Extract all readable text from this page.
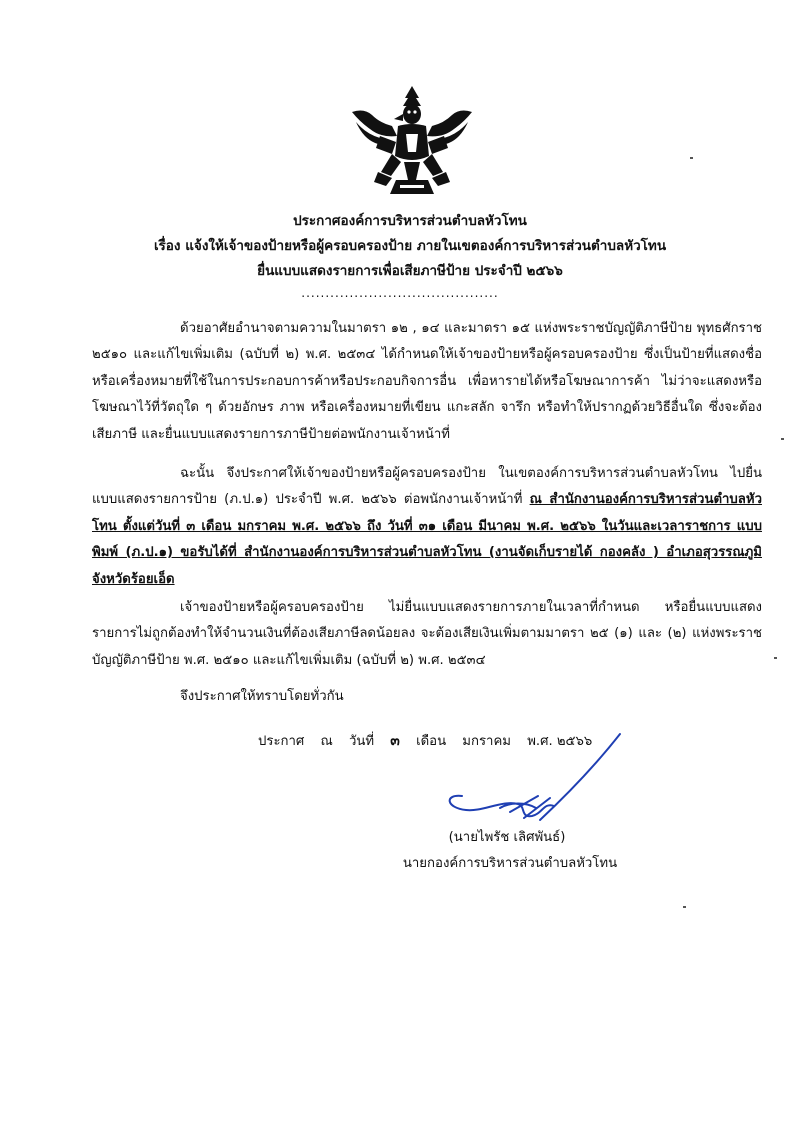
ประกาศองค์การบริหารส่วนตำบลหัวโทน
เรื่อง แจ้งให้เจ้าของป้ายหรือผู้ครอบครองป้าย ภายในเขตองค์การบริหารส่วนตำบลหัวโทน
ยื่นแบบแสดงรายการเพื่อเสียภาษีป้าย ประจำปี ๒๕๖๖
.........................................
ด้วยอาศัยอำนาจตามความในมาตรา ๑๒ , ๑๔ และมาตรา ๑๕ แห่งพระราชบัญญัติภาษีป้าย พุทธศักราช ๒๕๑๐ และแก้ไขเพิ่มเติม (ฉบับที่ ๒) พ.ศ. ๒๕๓๔ ได้กำหนดให้เจ้าของป้ายหรือผู้ครอบครองป้าย ซึ่งเป็นป้ายที่แสดงชื่อหรือเครื่องหมายที่ใช้ในการประกอบการค้าหรือประกอบกิจการอื่น เพื่อหารายได้หรือโฆษณาการค้า ไม่ว่าจะแสดงหรือโฆษณาไว้ที่วัตถุใด ๆ ด้วยอักษร ภาพ หรือเครื่องหมายที่เขียน แกะสลัก จารึก หรือทำให้ปรากฏด้วยวิธีอื่นใด ซึ่งจะต้องเสียภาษี และยื่นแบบแสดงรายการภาษีป้ายต่อพนักงานเจ้าหน้าที่
ฉะนั้น จึงประกาศให้เจ้าของป้ายหรือผู้ครอบครองป้าย ในเขตองค์การบริหารส่วนตำบลหัวโทน ไปยื่นแบบแสดงรายการป้าย (ภ.ป.๑) ประจำปี พ.ศ. ๒๕๖๖ ต่อพนักงานเจ้าหน้าที่ ณ สำนักงานองค์การบริหารส่วนตำบลหัวโทน ตั้งแต่วันที่ ๓ เดือน มกราคม พ.ศ. ๒๕๖๖ ถึง วันที่ ๓๑ เดือน มีนาคม พ.ศ. ๒๕๖๖ ในวันและเวลาราชการ แบบพิมพ์ (ภ.ป.๑) ขอรับได้ที่ สำนักงานองค์การบริหารส่วนตำบลหัวโทน (งานจัดเก็บรายได้ กองคลัง ) อำเภอสุวรรณภูมิ จังหวัดร้อยเอ็ด
เจ้าของป้ายหรือผู้ครอบครองป้าย ไม่ยื่นแบบแสดงรายการภายในเวลาที่กำหนด หรือยื่นแบบแสดงรายการไม่ถูกต้องทำให้จำนวนเงินที่ต้องเสียภาษีลดน้อยลง จะต้องเสียเงินเพิ่มตามมาตรา ๒๕ (๑) และ (๒) แห่งพระราชบัญญัติภาษีป้าย พ.ศ. ๒๕๑๐ และแก้ไขเพิ่มเติม (ฉบับที่ ๒) พ.ศ. ๒๕๓๔
จึงประกาศให้ทราบโดยทั่วกัน
ประกาศ ณ วันที่ ๓ เดือน มกราคม พ.ศ. ๒๕๖๖
(นายไพรัช เลิศพันธ์)
นายกองค์การบริหารส่วนตำบลหัวโทน
